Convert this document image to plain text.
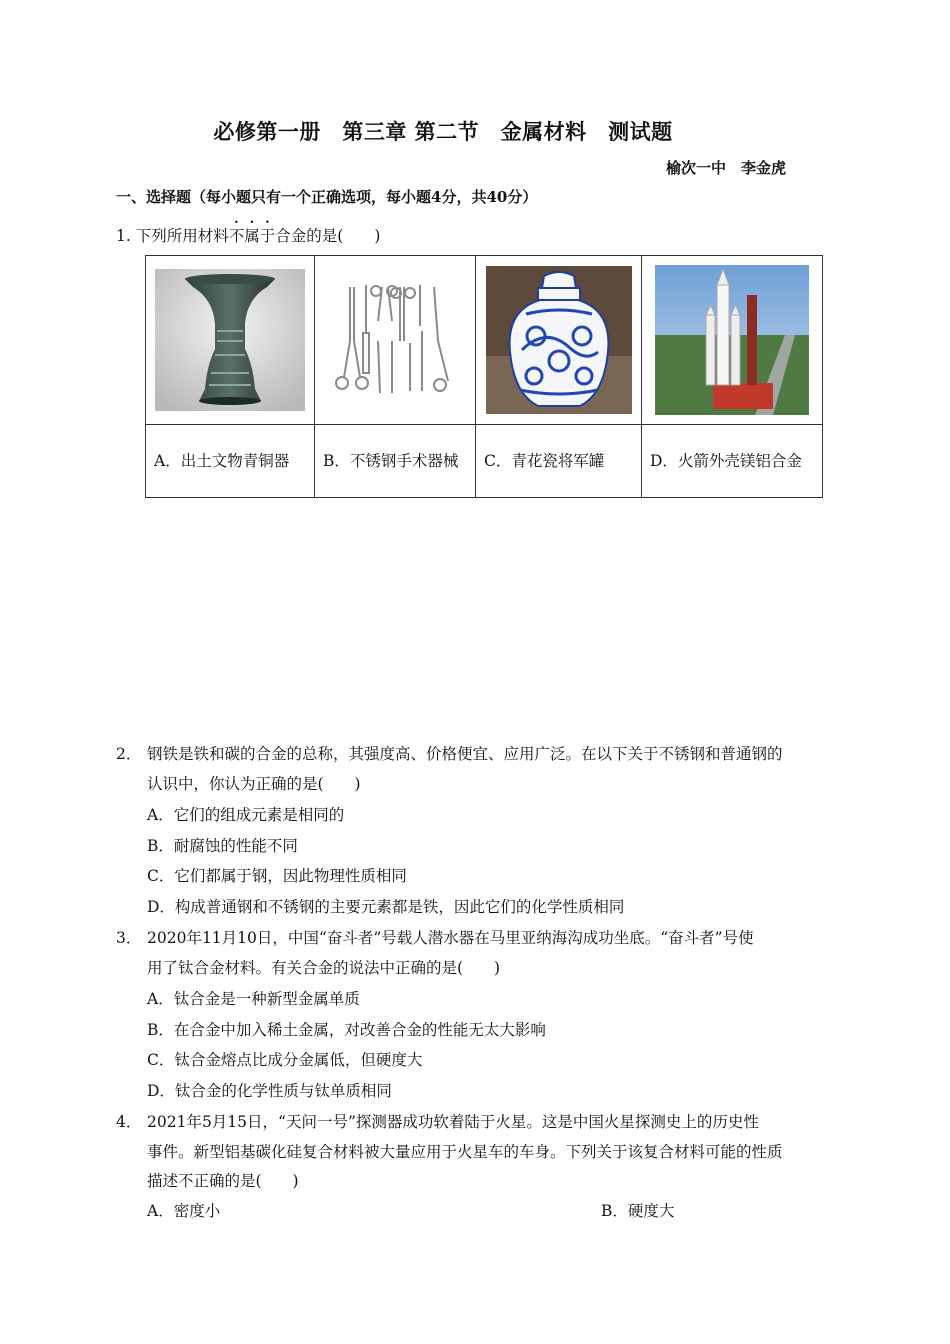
必修第一册　第三章 第二节　金属材料　测试题
榆次一中　李金虎
一、选择题（每小题只有一个正确选项，每小题4分，共40分）
1. 下列所用材料不属于合金的是(　　)

A．出土文物青铜器	B．不锈钢手术器械	C．青花瓷将军罐	D．火箭外壳镁铝合金
2． 钢铁是铁和碳的合金的总称，其强度高、价格便宜、应用广泛。在以下关于不锈钢和普通钢的
认识中，你认为正确的是(　　)
A．它们的组成元素是相同的
B．耐腐蚀的性能不同
C．它们都属于钢，因此物理性质相同
D．构成普通钢和不锈钢的主要元素都是铁，因此它们的化学性质相同
3． 2020年11月10日，中国“奋斗者”号载人潜水器在马里亚纳海沟成功坐底。“奋斗者”号使
用了钛合金材料。有关合金的说法中正确的是(　　)
A．钛合金是一种新型金属单质
B．在合金中加入稀土金属，对改善合金的性能无太大影响
C．钛合金熔点比成分金属低，但硬度大
D．钛合金的化学性质与钛单质相同
4． 2021年5月15日，“天问一号”探测器成功软着陆于火星。这是中国火星探测史上的历史性
事件。新型铝基碳化硅复合材料被大量应用于火星车的车身。下列关于该复合材料可能的性质
描述不正确的是(　　)
A．密度小	B．硬度大
